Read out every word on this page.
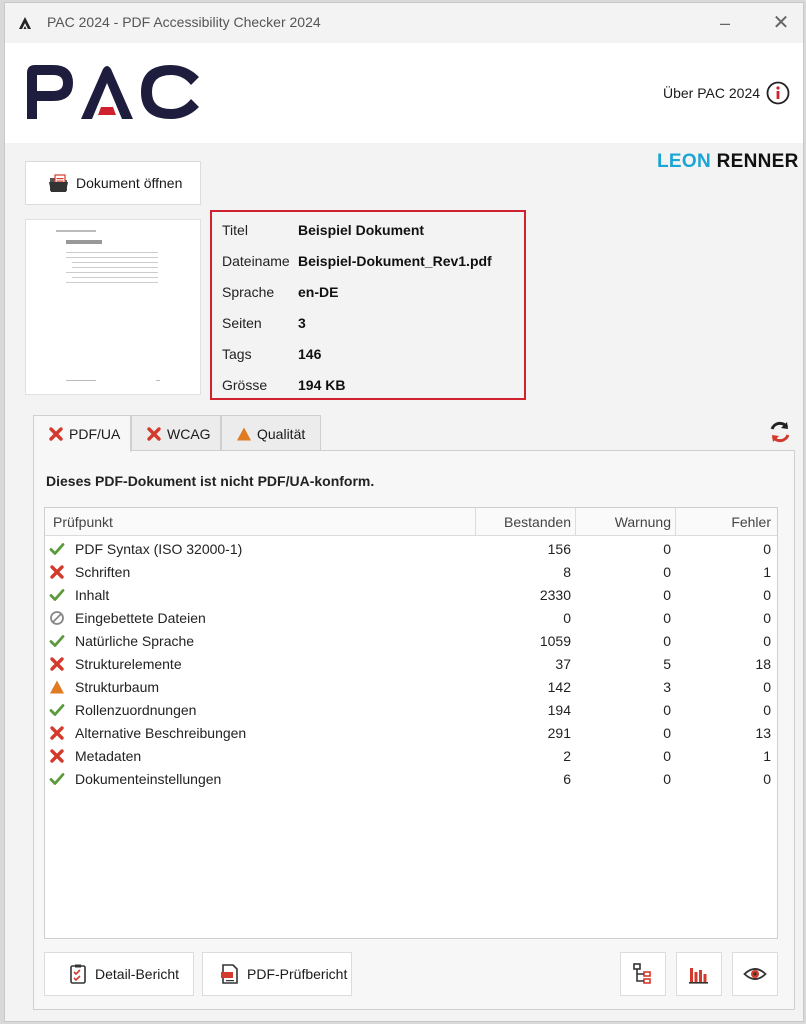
PAC 2024 - PDF Accessibility Checker 2024	–	✕
Über PAC 2024
LEON RENNER
Dokument öffnen
Titel	Beispiel Dokument
Dateiname Beispiel-Dokument_Rev1.pdf
Sprache	en-DE
Seiten	3
Tags	146
Grösse	194 KB
PDF/UA	WCAG	Qualität
Dieses PDF-Dokument ist nicht PDF/UA-konform.
Prüfpunkt	Bestanden	Warnung	Fehler
PDF Syntax (ISO 32000-1)	156	0	0
Schriften	8	0	1
Inhalt	2330	0	0
Eingebettete Dateien	0	0	0
Natürliche Sprache	1059	0	0
Strukturelemente	37	5	18
Strukturbaum	142	3	0
Rollenzuordnungen	194	0	0
Alternative Beschreibungen	291	0	13
Metadaten	2	0	1
Dokumenteinstellungen	6	0	0
Detail-Bericht	PDF-Prüfbericht
